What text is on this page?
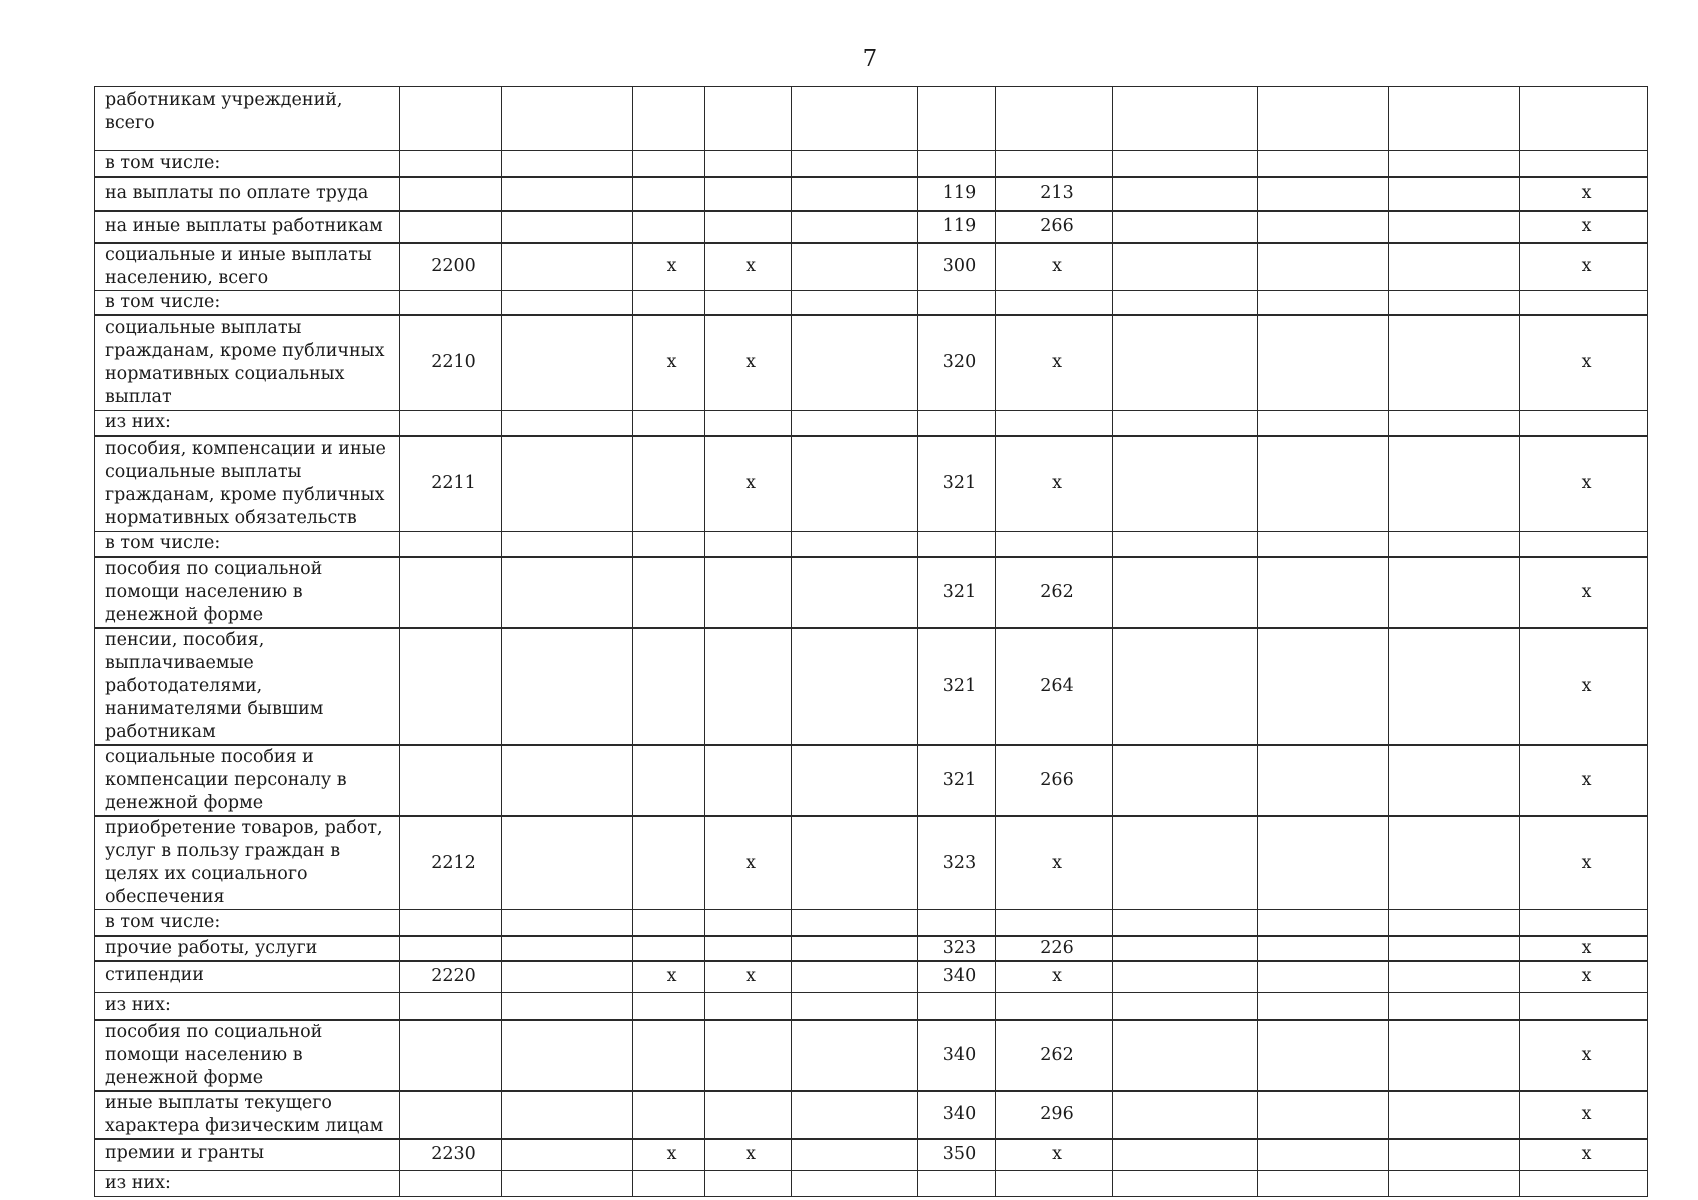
7
работникам учреждений, всего											
в том числе:											
на выплаты по оплате труда						119	213				x
на иные выплаты работникам						119	266				x
социальные и иные выплаты населению, всего	2200		x	x		300	x				x
в том числе:											
социальные выплаты гражданам, кроме публичных нормативных социальных выплат	2210		x	x		320	x				x
из них:											
пособия, компенсации и иные социальные выплаты гражданам, кроме публичных нормативных обязательств	2211			x		321	x				x
в том числе:											
пособия по социальной помощи населению в денежной форме						321	262				x
пенсии, пособия, выплачиваемые работодателями, нанимателями бывшим работникам						321	264				x
социальные пособия и компенсации персоналу в денежной форме						321	266				x
приобретение товаров, работ, услуг в пользу граждан в целях их социального обеспечения	2212			x		323	x				x
в том числе:											
прочие работы, услуги						323	226				x
стипендии	2220		x	x		340	x				x
из них:											
пособия по социальной помощи населению в денежной форме						340	262				x
иные выплаты текущего характера физическим лицам						340	296				x
премии и гранты	2230		x	x		350	x				x
из них:											
